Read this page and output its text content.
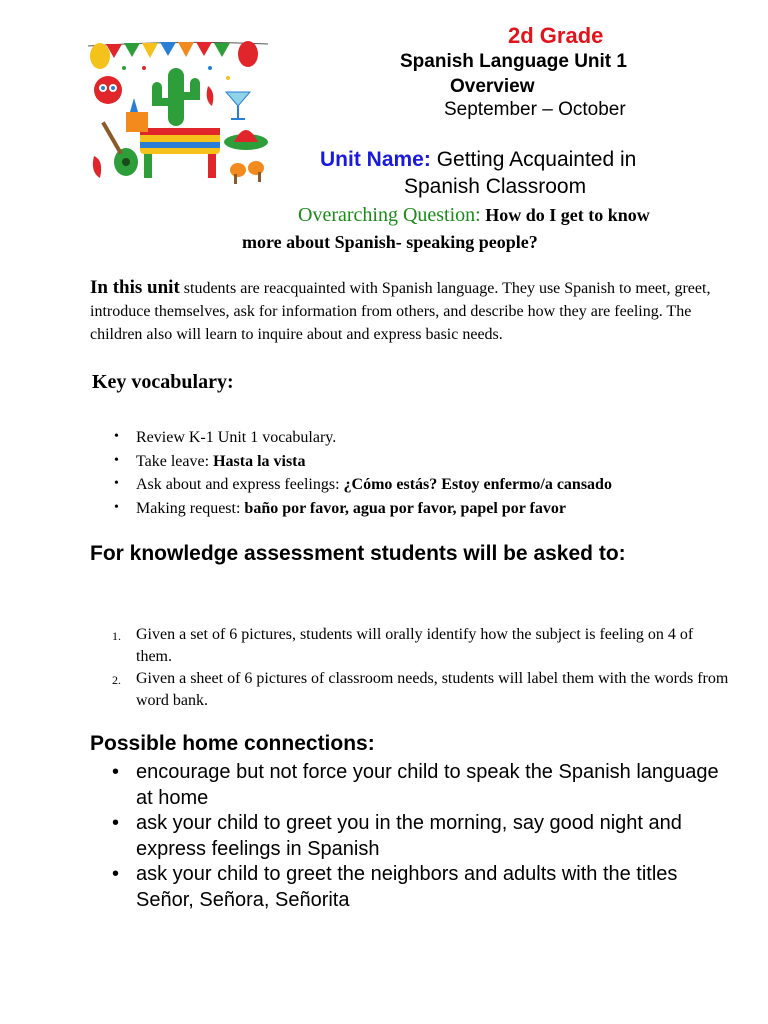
2d Grade
Spanish Language Unit 1
Overview
September – October
Unit Name: Getting Acquainted in
Spanish Classroom
Overarching Question: How do I get to know
more about Spanish- speaking people?
In this unit students are reacquainted with Spanish language. They use Spanish to meet, greet, introduce themselves, ask for information from others, and describe how they are feeling. The children also will learn to inquire about and express basic needs.
Key vocabulary:
• Review K-1 Unit 1 vocabulary.
• Take leave: Hasta la vista
• Ask about and express feelings: ¿Cómo estás? Estoy enfermo/a cansado
• Making request: baño por favor, agua por favor, papel por favor
For knowledge assessment students will be asked to:
1. Given a set of 6 pictures, students will orally identify how the subject is feeling on 4 of them.
2. Given a sheet of 6 pictures of classroom needs, students will label them with the words from word bank.
Possible home connections:
• encourage but not force your child to speak the Spanish language at home
• ask your child to greet you in the morning, say good night and express feelings in Spanish
• ask your child to greet the neighbors and adults with the titles Señor, Señora, Señorita
